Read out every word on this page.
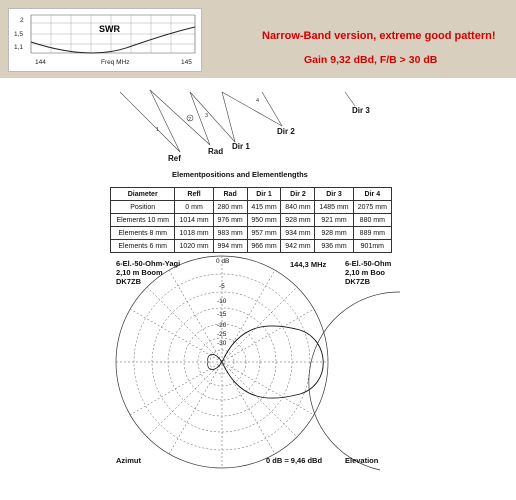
SWR
2
1,5
1,1
144	Freq MHz	145
Narrow-Band version, extreme good pattern!
Gain 9,32 dBd, F/B > 30 dB
Ref
Rad
Dir 1
Dir 2
Dir 3
1
2
3
4
Elementpositions and Elementlengths
Diameter	Refl	Rad	Dir 1	Dir 2	Dir 3	Dir 4
Position	0 mm	280 mm	415 mm	840 mm	1485 mm	2075 mm
Elements 10 mm	1014 mm	976 mm	950 mm	928 mm	921 mm	880 mm
Elements 8 mm	1018 mm	983 mm	957 mm	934 mm	928 mm	889 mm
Elements 6 mm	1020 mm	994 mm	966 mm	942 mm	936 mm	901mm
6-El.-50-Ohm-Yagi
2,10 m Boom
DK7ZB
144,3 MHz
0 dB
-5
-10
-15
-20
-25
-30
Azimut	0 dB = 9,46 dBd
6-El.-50-Ohm
2,10 m Boo
DK7ZB
Elevation
